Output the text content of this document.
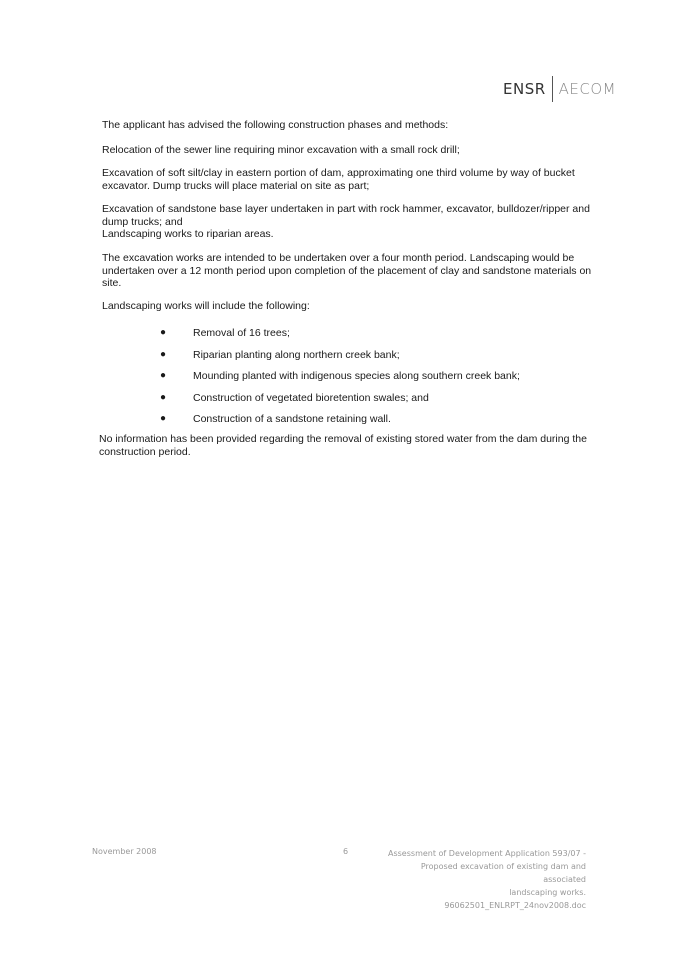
ENSR AECOM

The applicant has advised the following construction phases and methods:

Relocation of the sewer line requiring minor excavation with a small rock drill;

Excavation of soft silt/clay in eastern portion of dam, approximating one third volume by way of bucket excavator. Dump trucks will place material on site as part;

Excavation of sandstone base layer undertaken in part with rock hammer, excavator, bulldozer/ripper and dump trucks; and

Landscaping works to riparian areas.

The excavation works are intended to be undertaken over a four month period. Landscaping would be undertaken over a 12 month period upon completion of the placement of clay and sandstone materials on site.

Landscaping works will include the following:

●	Removal of 16 trees;
●	Riparian planting along northern creek bank;
●	Mounding planted with indigenous species along southern creek bank;
●	Construction of vegetated bioretention swales; and
●	Construction of a sandstone retaining wall.

No information has been provided regarding the removal of existing stored water from the dam during the construction period.

November 2008	6	Assessment of Development Application 593/07 -
Proposed excavation of existing dam and associated
landscaping works.
96062501_ENLRPT_24nov2008.doc
